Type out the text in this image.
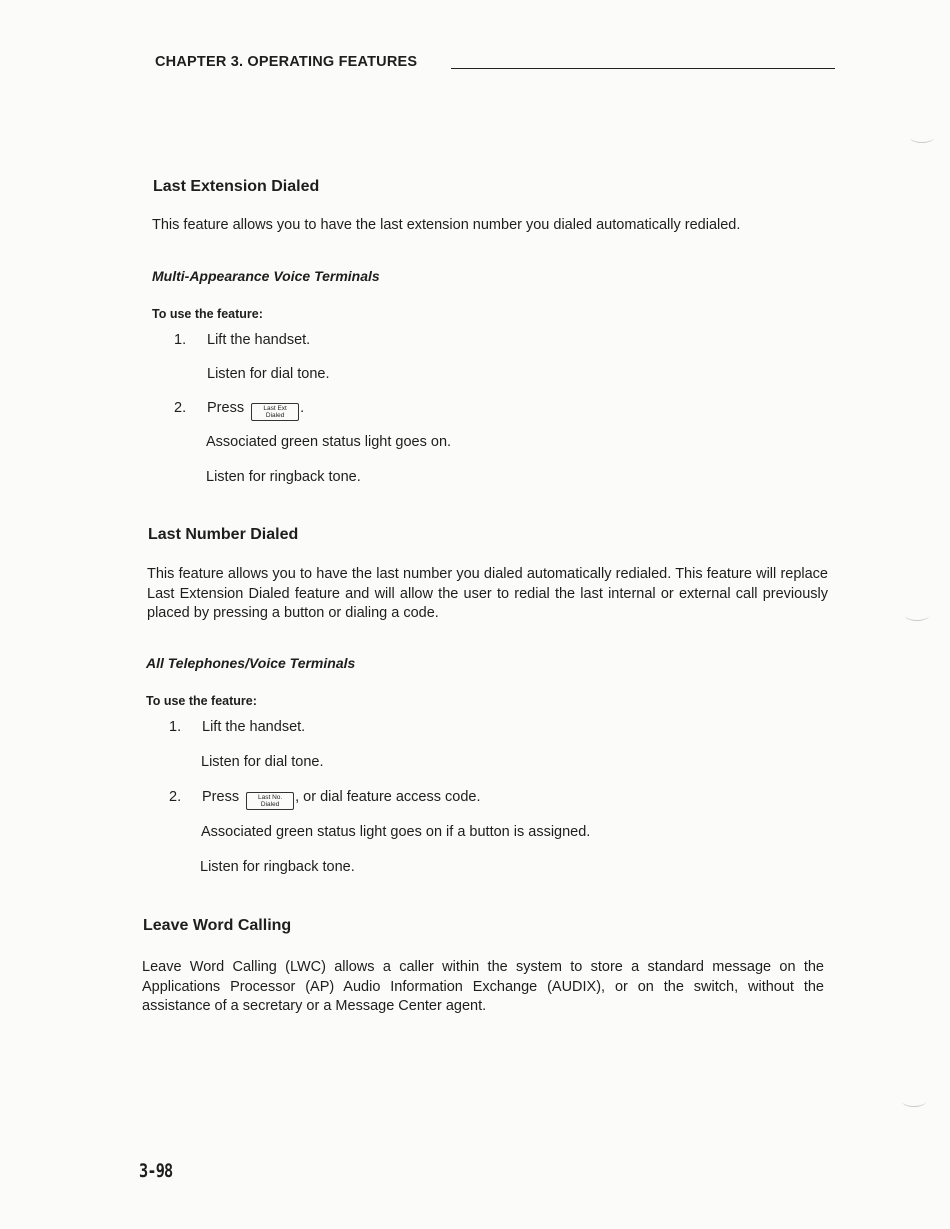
CHAPTER 3. OPERATING FEATURES
Last Extension Dialed

This feature allows you to have the last extension number you dialed automatically redialed.

Multi-Appearance Voice Terminals

To use the feature:

1. Lift the handset.

Listen for dial tone.

2. Press	Last Ext
Dialed	.

Associated green status light goes on.

Listen for ringback tone.

Last Number Dialed

This feature allows you to have the last number you dialed automatically redialed. This feature will replace Last Extension Dialed feature and will allow the user to redial the last internal or external call previously placed by pressing a button or dialing a code.

All Telephones/Voice Terminals

To use the feature:

1. Lift the handset.

Listen for dial tone.

2. Press	Last No.
Dialed	, or dial feature access code.

Associated green status light goes on if a button is assigned.

Listen for ringback tone.

Leave Word Calling

Leave Word Calling (LWC) allows a caller within the system to store a standard message on the Applications Processor (AP) Audio Information Exchange (AUDIX), or on the switch, without the assistance of a secretary or a Message Center agent.

3-98
